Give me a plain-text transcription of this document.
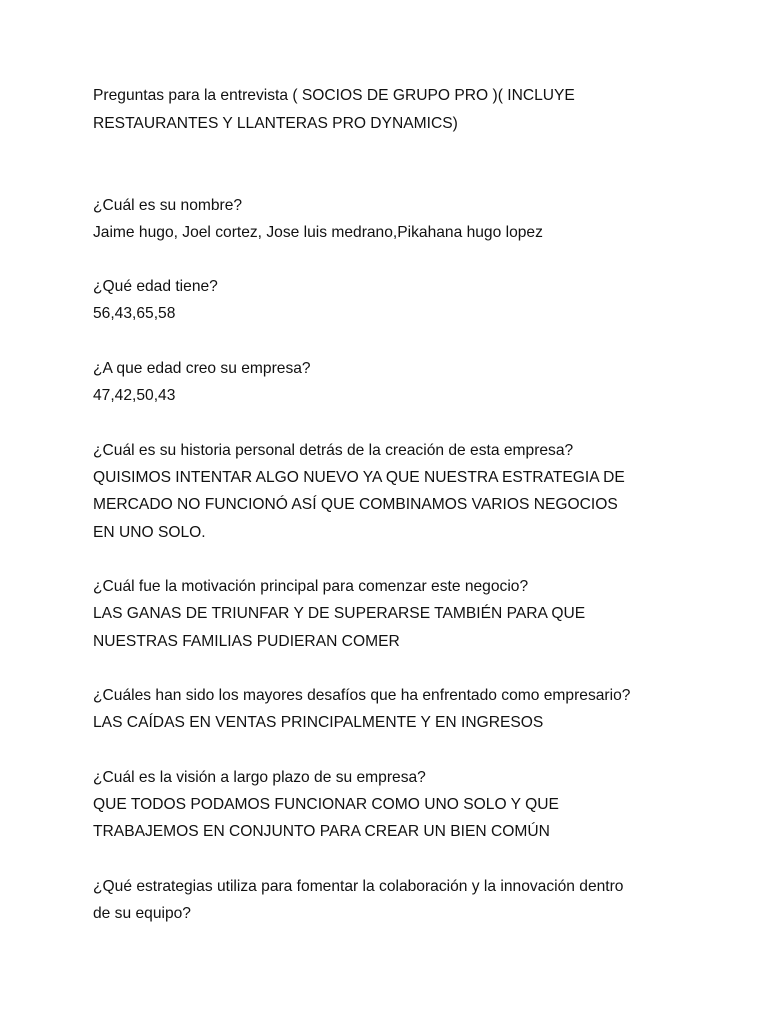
Preguntas para la entrevista ( SOCIOS DE GRUPO PRO )( INCLUYE
RESTAURANTES Y LLANTERAS PRO DYNAMICS)
¿Cuál es su nombre?
Jaime hugo, Joel cortez, Jose luis medrano,Pikahana hugo lopez
¿Qué edad tiene?
56,43,65,58
¿A que edad creo su empresa?
47,42,50,43
¿Cuál es su historia personal detrás de la creación de esta empresa?
QUISIMOS INTENTAR ALGO NUEVO YA QUE NUESTRA ESTRATEGIA DE
MERCADO NO FUNCIONÓ ASÍ QUE COMBINAMOS VARIOS NEGOCIOS
EN UNO SOLO.
¿Cuál fue la motivación principal para comenzar este negocio?
LAS GANAS DE TRIUNFAR Y DE SUPERARSE TAMBIÉN PARA QUE
NUESTRAS FAMILIAS PUDIERAN COMER
¿Cuáles han sido los mayores desafíos que ha enfrentado como empresario?
LAS CAÍDAS EN VENTAS PRINCIPALMENTE Y EN INGRESOS
¿Cuál es la visión a largo plazo de su empresa?
QUE TODOS PODAMOS FUNCIONAR COMO UNO SOLO Y QUE
TRABAJEMOS EN CONJUNTO PARA CREAR UN BIEN COMÚN
¿Qué estrategias utiliza para fomentar la colaboración y la innovación dentro
de su equipo?
